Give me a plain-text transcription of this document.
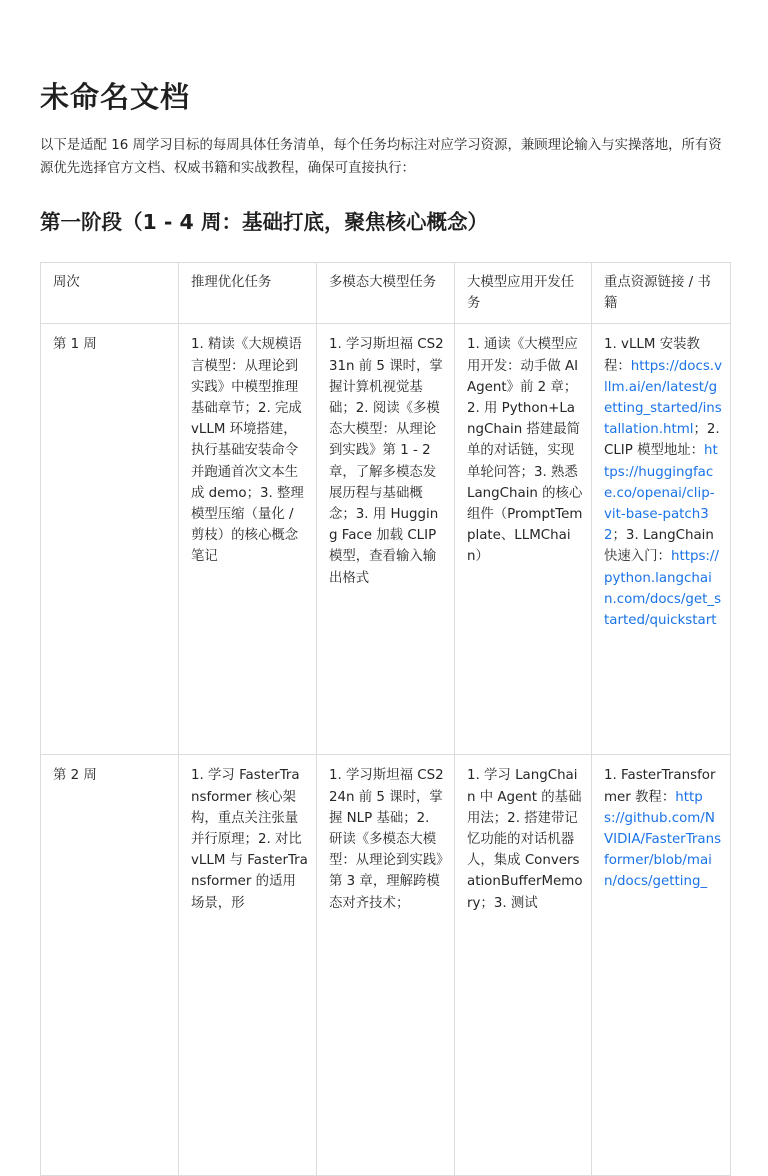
未命名文档

以下是适配 16 周学习目标的每周具体任务清单，每个任务均标注对应学习资源，兼顾理论输入与实操落地，所有资源优先选择官方文档、权威书籍和实战教程，确保可直接执行：

第一阶段（1 - 4 周：基础打底，聚焦核心概念）
周次	推理优化任务	多模态大模型任务	大模型应用开发任务	重点资源链接 / 书籍
第 1 周	1. 精读《大规模语言模型：从理论到实践》中模型推理基础章节；2. 完成 vLLM 环境搭建，执行基础安装命令并跑通首次文本生成 demo；3. 整理模型压缩（量化 / 剪枝）的核心概念笔记	1. 学习斯坦福 CS231n 前 5 课时，掌握计算机视觉基础；2. 阅读《多模态大模型：从理论到实践》第 1 - 2 章，了解多模态发展历程与基础概念；3. 用 Hugging Face 加载 CLIP 模型，查看输入输出格式	1. 通读《大模型应用开发：动手做 AI Agent》前 2 章；2. 用 Python+LangChain 搭建最简单的对话链，实现单轮问答；3. 熟悉 LangChain 的核心组件（PromptTemplate、LLMChain）	1. vLLM 安装教程：https://docs.vllm.ai/en/latest/getting_started/installation.html；2. CLIP 模型地址：https://huggingface.co/openai/clip-vit-base-patch32；3. LangChain 快速入门：https://python.langchain.com/docs/get_started/quickstart
第 2 周	1. 学习 FasterTransformer 核心架构，重点关注张量并行原理；2. 对比 vLLM 与 FasterTransformer 的适用场景，形	1. 学习斯坦福 CS224n 前 5 课时，掌握 NLP 基础；2. 研读《多模态大模型：从理论到实践》第 3 章，理解跨模态对齐技术；	1. 学习 LangChain 中 Agent 的基础用法；2. 搭建带记忆功能的对话机器人，集成 ConversationBufferMemory；3. 测试	1. FasterTransformer 教程：https://github.com/NVIDIA/FasterTransformer/blob/main/docs/getting_
